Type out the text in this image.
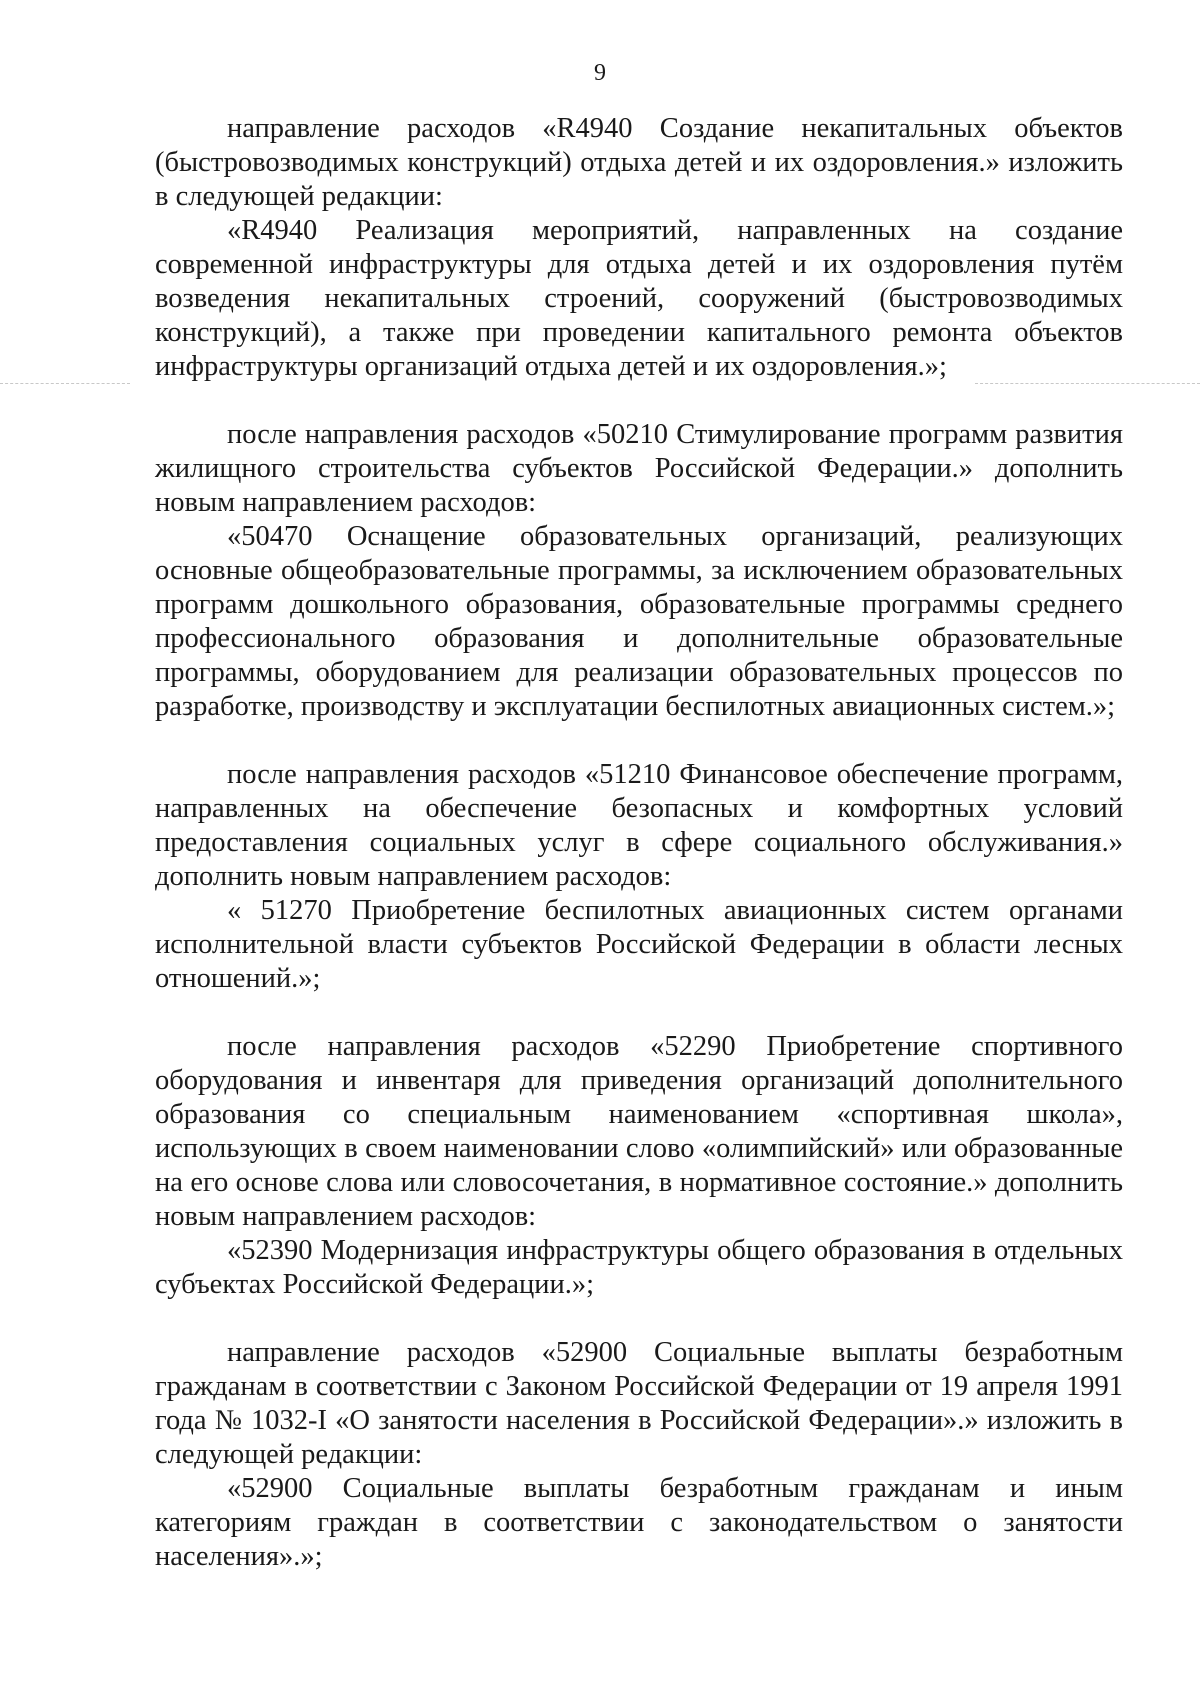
9

направление расходов «R4940 Создание некапитальных объектов (быстровозводимых конструкций) отдыха детей и их оздоровления.» изложить в следующей редакции:

«R4940 Реализация мероприятий, направленных на создание современной инфраструктуры для отдыха детей и их оздоровления путём возведения некапитальных строений, сооружений (быстровозводимых конструкций), а также при проведении капитального ремонта объектов инфраструктуры организаций отдыха детей и их оздоровления.»;

после направления расходов «50210 Стимулирование программ развития жилищного строительства субъектов Российской Федерации.» дополнить новым направлением расходов:

«50470 Оснащение образовательных организаций, реализующих основные общеобразовательные программы, за исключением образовательных программ дошкольного образования, образовательные программы среднего профессионального образования и дополнительные образовательные программы, оборудованием для реализации образовательных процессов по разработке, производству и эксплуатации беспилотных авиационных систем.»;

после направления расходов «51210 Финансовое обеспечение программ, направленных на обеспечение безопасных и комфортных условий предоставления социальных услуг в сфере социального обслуживания.» дополнить новым направлением расходов:

« 51270 Приобретение беспилотных авиационных систем органами исполнительной власти субъектов Российской Федерации в области лесных отношений.»;

после направления расходов «52290 Приобретение спортивного оборудования и инвентаря для приведения организаций дополнительного образования со специальным наименованием «спортивная школа», использующих в своем наименовании слово «олимпийский» или образованные на его основе слова или словосочетания, в нормативное состояние.» дополнить новым направлением расходов:

«52390 Модернизация инфраструктуры общего образования в отдельных субъектах Российской Федерации.»;

направление расходов «52900 Социальные выплаты безработным гражданам в соответствии с Законом Российской Федерации от 19 апреля 1991 года № 1032-I «О занятости населения в Российской Федерации».» изложить в следующей редакции:

«52900 Социальные выплаты безработным гражданам и иным категориям граждан в соответствии с законодательством о занятости населения».»;
